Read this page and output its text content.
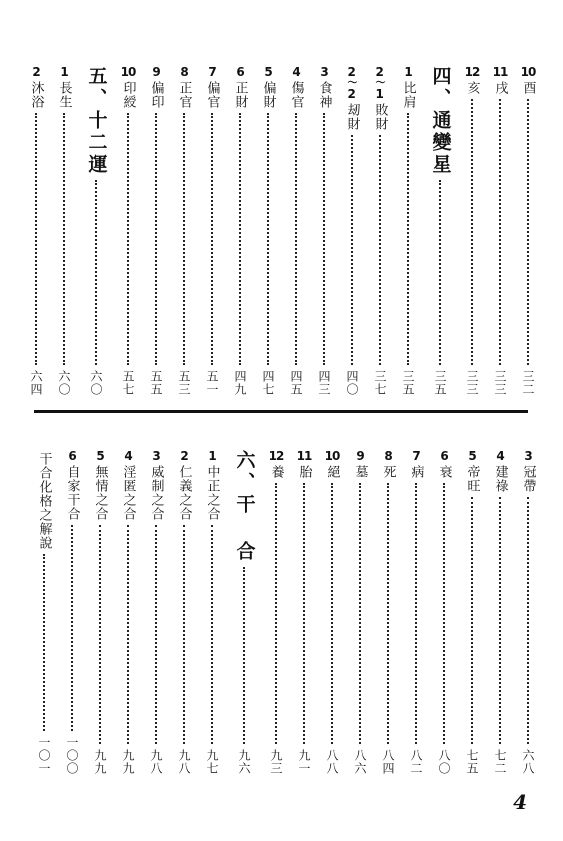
10
酉
三二
11
戌
三三
12
亥
三三
四、通變星
三五
1
比肩
三五
2
〜
1
敗財
三七
2
〜
2
刼財
四〇
3
食神
四三
4
傷官
四五
5
偏財
四七
6
正財
四九
7
偏官
五一
8
正官
五三
9
偏印
五五
10
印綬
五七
五、十二運
六〇
1
長生
六〇
2
沐浴
六四
3
冠帶
六八
4
建祿
七二
5
帝旺
七五
6
衰
八〇
7
病
八二
8
死
八四
9
墓
八六
10
絕
八八
11
胎
九一
12
養
九三
六、干 合
九六
1
中正之合
九七
2
仁義之合
九八
3
威制之合
九八
4
淫匿之合
九九
5
無情之合
九九
6
自家干合
一〇〇
干合化格之解說
一〇一
4
